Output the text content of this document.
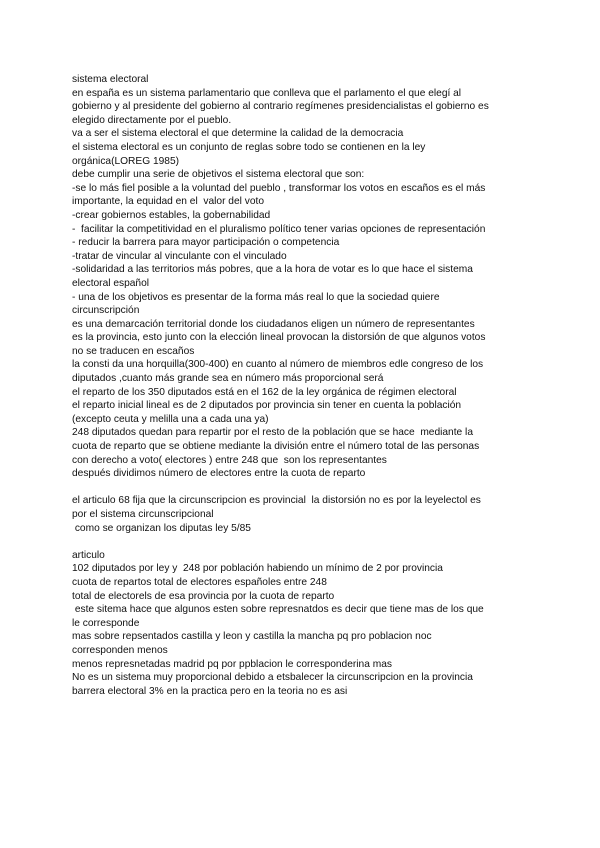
sistema electoral
en españa es un sistema parlamentario que conlleva que el parlamento el que elegí al
gobierno y al presidente del gobierno al contrario regímenes presidencialistas el gobierno es
elegido directamente por el pueblo.
va a ser el sistema electoral el que determine la calidad de la democracia
el sistema electoral es un conjunto de reglas sobre todo se contienen en la ley
orgánica(LOREG 1985)
debe cumplir una serie de objetivos el sistema electoral que son:
-se lo más fiel posible a la voluntad del pueblo , transformar los votos en escaños es el más
importante, la equidad en el  valor del voto
-crear gobiernos estables, la gobernabilidad
-  facilitar la competitividad en el pluralismo político tener varias opciones de representación
- reducir la barrera para mayor participación o competencia
-tratar de vincular al vinculante con el vinculado
-solidaridad a las territorios más pobres, que a la hora de votar es lo que hace el sistema
electoral español
- una de los objetivos es presentar de la forma más real lo que la sociedad quiere
circunscripción
es una demarcación territorial donde los ciudadanos eligen un número de representantes
es la provincia, esto junto con la elección lineal provocan la distorsión de que algunos votos
no se traducen en escaños
la consti da una horquilla(300-400) en cuanto al número de miembros edle congreso de los
diputados ,cuanto más grande sea en número más proporcional será
el reparto de los 350 diputados está en el 162 de la ley orgánica de régimen electoral
el reparto inicial lineal es de 2 diputados por provincia sin tener en cuenta la población
(excepto ceuta y melilla una a cada una ya)
248 diputados quedan para repartir por el resto de la población que se hace  mediante la
cuota de reparto que se obtiene mediante la división entre el número total de las personas
con derecho a voto( electores ) entre 248 que  son los representantes
después dividimos número de electores entre la cuota de reparto
el articulo 68 fija que la circunscripcion es provincial  la distorsión no es por la leyelectol es
por el sistema circunscripcional
como se organizan los diputas ley 5/85
articulo
102 diputados por ley y  248 por población habiendo un mínimo de 2 por provincia
cuota de repartos total de electores españoles entre 248
total de electorels de esa provincia por la cuota de reparto
este sitema hace que algunos esten sobre represnatdos es decir que tiene mas de los que
le corresponde
mas sobre repsentados castilla y leon y castilla la mancha pq pro poblacion noc
corresponden menos
menos represnetadas madrid pq por ppblacion le corresponderina mas
No es un sistema muy proporcional debido a etsbalecer la circunscripcion en la provincia
barrera electoral 3% en la practica pero en la teoria no es asi
